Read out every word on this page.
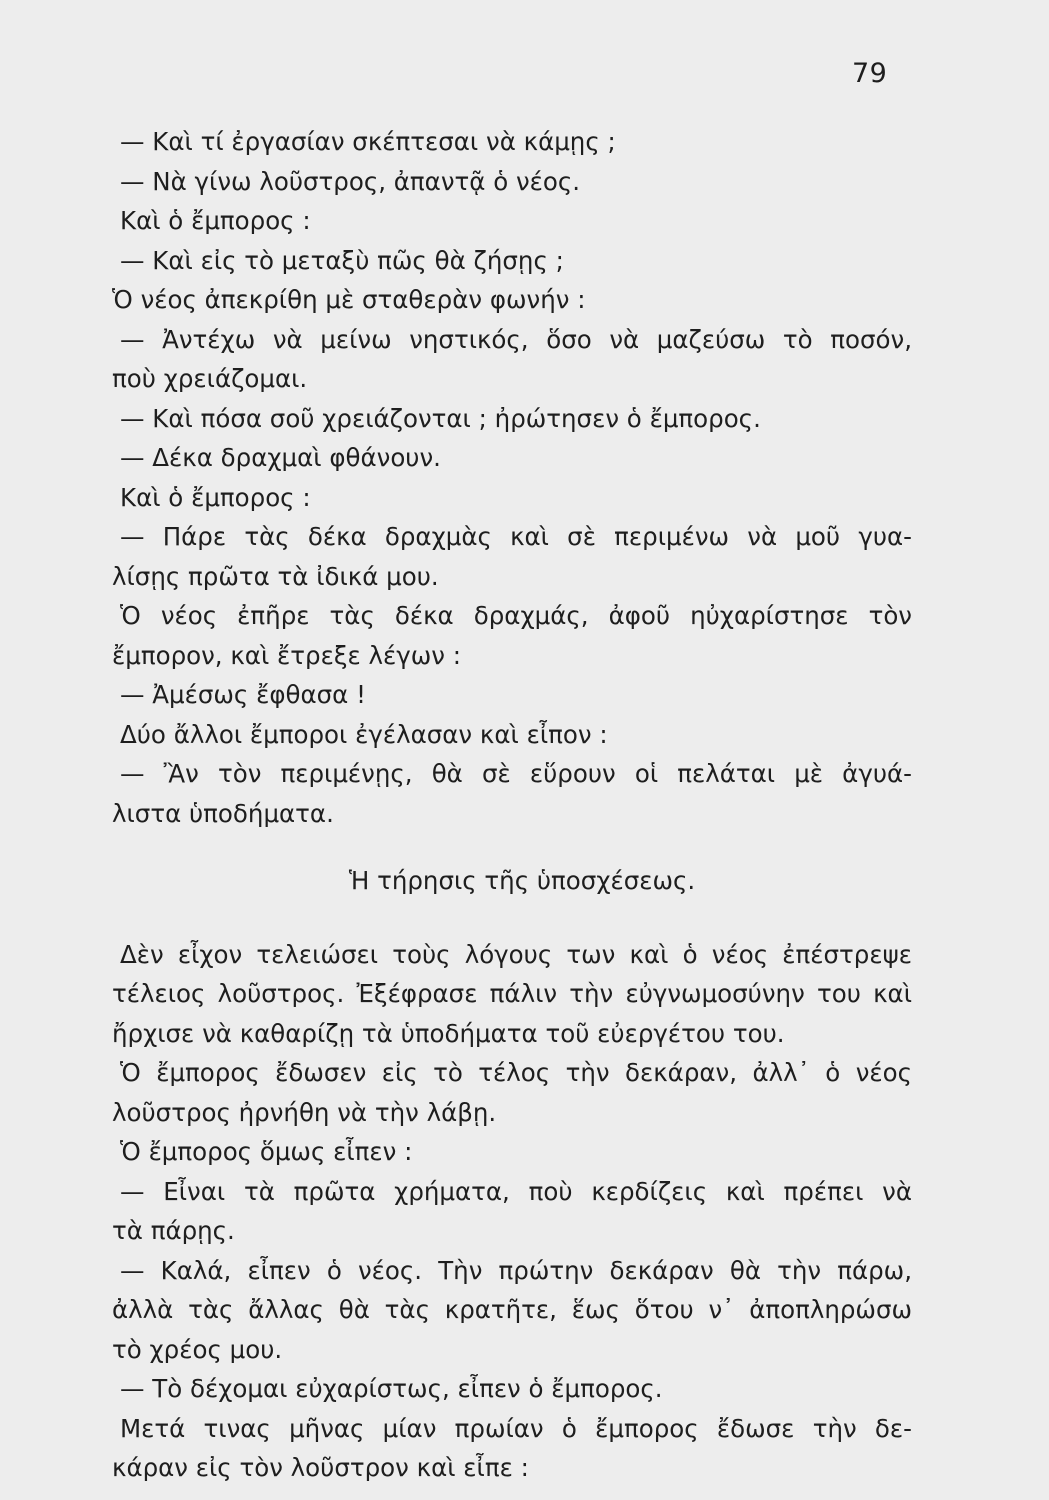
79
— Καὶ τί ἐργασίαν σκέπτεσαι νὰ κάμῃς ;
— Νὰ γίνω λοῦστρος, ἀπαντᾷ ὁ νέος.
Καὶ ὁ ἔμπορος :
— Καὶ εἰς τὸ μεταξὺ πῶς θὰ ζήσῃς ;
Ὁ νέος ἀπεκρίθη μὲ σταθερὰν φωνήν :
— Ἀντέχω νὰ μείνω νηστικός, ὅσο νὰ μαζεύσω τὸ ποσόν,
ποὺ χρειάζομαι.
— Καὶ πόσα σοῦ χρειάζονται ; ἠρώτησεν ὁ ἔμπορος.
— Δέκα δραχμαὶ φθάνουν.
Καὶ ὁ ἔμπορος :
— Πάρε τὰς δέκα δραχμὰς καὶ σὲ περιμένω νὰ μοῦ γυα-
λίσῃς πρῶτα τὰ ἰδικά μου.
Ὁ νέος ἐπῆρε τὰς δέκα δραχμάς, ἀφοῦ ηὐχαρίστησε τὸν
ἔμπορον, καὶ ἔτρεξε λέγων :
— Ἀμέσως ἔφθασα !
Δύο ἄλλοι ἔμποροι ἐγέλασαν καὶ εἶπον :
— Ἂν τὸν περιμένῃς, θὰ σὲ εὕρουν οἱ πελάται μὲ ἀγυά-
λιστα ὑποδήματα.
Ἡ τήρησις τῆς ὑποσχέσεως.
Δὲν εἶχον τελειώσει τοὺς λόγους των καὶ ὁ νέος ἐπέστρεψε
τέλειος λοῦστρος. Ἐξέφρασε πάλιν τὴν εὐγνωμοσύνην του καὶ
ἤρχισε νὰ καθαρίζῃ τὰ ὑποδήματα τοῦ εὐεργέτου του.
Ὁ ἔμπορος ἔδωσεν εἰς τὸ τέλος τὴν δεκάραν, ἀλλ᾿ ὁ νέος
λοῦστρος ἠρνήθη νὰ τὴν λάβῃ.
Ὁ ἔμπορος ὅμως εἶπεν :
— Εἶναι τὰ πρῶτα χρήματα, ποὺ κερδίζεις καὶ πρέπει νὰ
τὰ πάρῃς.
— Καλά, εἶπεν ὁ νέος. Τὴν πρώτην δεκάραν θὰ τὴν πάρω,
ἀλλὰ τὰς ἄλλας θὰ τὰς κρατῆτε, ἕως ὅτου ν᾿ ἀποπληρώσω
τὸ χρέος μου.
— Τὸ δέχομαι εὐχαρίστως, εἶπεν ὁ ἔμπορος.
Μετά τινας μῆνας μίαν πρωίαν ὁ ἔμπορος ἔδωσε τὴν δε-
κάραν εἰς τὸν λοῦστρον καὶ εἶπε :
